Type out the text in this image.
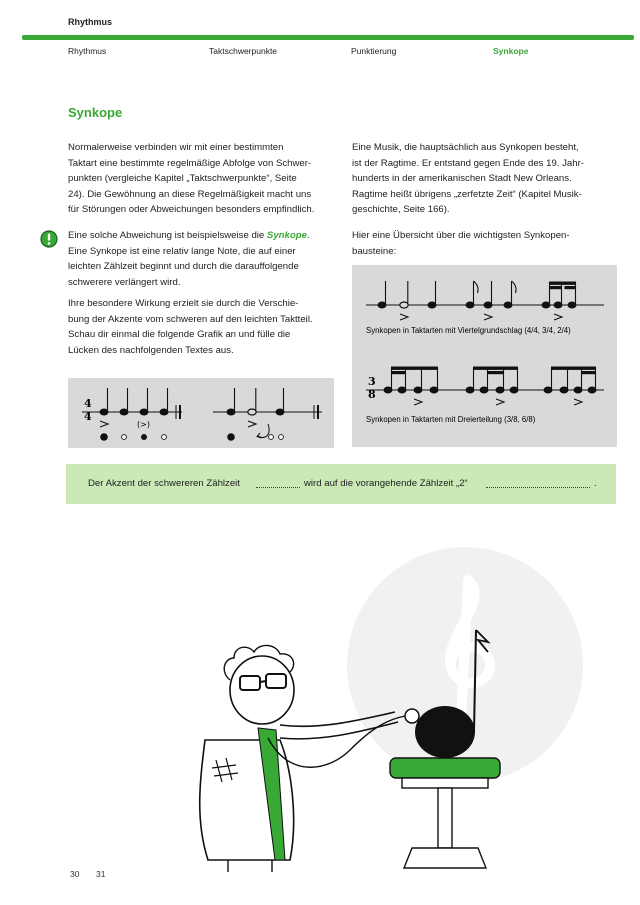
Rhythmus
Rhythmus	Taktschwerpunkte	Punktierung	Synkope
Synkope

Normalerweise verbinden wir mit einer bestimmten

Taktart eine bestimmte regelmäßige Abfolge von Schwer-

punkten (vergleiche Kapitel „Taktschwerpunkte“, Seite

24). Die Gewöhnung an diese Regelmäßigkeit macht uns

für Störungen oder Abweichungen besonders empfindlich.

Eine solche Abweichung ist beispielsweise die Synkope.

Eine Synkope ist eine relativ lange Note, die auf einer

leichten Zählzeit beginnt und durch die darauffolgende

schwerere verlängert wird.

Ihre besondere Wirkung erzielt sie durch die Verschie-

bung der Akzente vom schweren auf den leichten Taktteil.

Schau dir einmal die folgende Grafik an und fülle die

Lücken des nachfolgenden Textes aus.

4
4
(>)

Eine Musik, die hauptsächlich aus Synkopen besteht,

ist der Ragtime. Er entstand gegen Ende des 19. Jahr-

hunderts in der amerikanischen Stadt New Orleans.

Ragtime heißt übrigens „zerfetzte Zeit“ (Kapitel Musik-

geschichte, Seite 166).

Hier eine Übersicht über die wichtigsten Synkopen-

bausteine:

Synkopen in Taktarten mit Viertelgrundschlag (4/4, 3/4, 2/4)
3
8
Synkopen in Taktarten mit Dreierteilung (3/8, 6/8)
Der Akzent der schwereren Zählzeit	wird auf die vorangehende Zählzeit „2“	.
30 31
